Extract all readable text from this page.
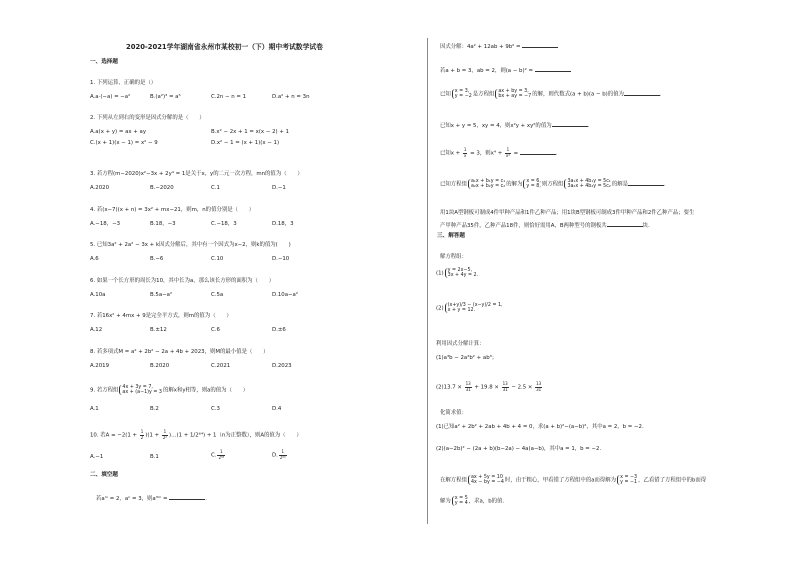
2020-2021学年湖南省永州市某校初一（下）期中考试数学试卷
一、选择题
1. 下列运算，正确的是（）
A.a·(−a) = −a²	B.(a²)³ = a⁵	C.2n − n = 1	D.a² + n = 3n
2. 下列从左到右的变形是因式分解的是（　　）
A.a(x + y) = ax + ay	B.x² − 2x + 1 = x(x − 2) + 1
C.(x + 1)(x − 1) = x² − 9	D.x² − 1 = (x + 1)(x − 1)
3. 若方程(m−2020)x²−3x + 2y⁴ = 1是关于x，y的二元一次方程，mn的值为（　　）
A.2020	B.−2020	C.1	D.−1
4. 若(x−7)(x + n) = 3x² + mx−21，则m，n的值分别是（　　）
A.−18，−3	B.18，−3	C.−18，3	D.18，3
5. 已知3a² + 2a² − 3x + k因式分解后，其中有一个因式为x−2，则k的值为(　　)
A.6	B.−6	C.10	D.−10
6. 如果一个长方形的周长为10，其中长为a，那么该长方形的面积为（　　）
A.10a	B.5a−a²	C.5a	D.10a−a²
7. 若16x² + 4mx + 9是完全平方式，则m的值为（　　）
A.12	B.±12	C.6	D.±6
8. 若多项式M = a² + 2b² − 2a + 4b + 2023，则M的最小值是（　　）
A.2019	B.2020	C.2021	D.2023
9. 若方程组 4x + 3y = 7,
ax + (a−1)y = 3 的解x和y相等，则a的值为（　　）
A.1	B.2	C.3	D.4
10. 若$A = -2(1 + \frac{1}{2} )(1 + \frac{1}{\text{2²}}$ )…(1 + 1/2⁶⁴) + 1（n为正整数），则A的值为（　　）
A.−1	B.1	C. $\frac{1}{\text{2⁶⁴}}$	D. $\frac{1}{\text{2⁶⁴}}$
二、填空题
若aᵐ = 2，aⁿ = 3，则a³ᵐ =	.
因式分解：4a² + 12ab + 9b² =
若a + b = 3，ab = 2，则(a − b)² =
已知 x = 3,
y = −2 是方程组 ax + by = 3,
bx + ay = −7 的解，则代数式(a + b)(a − b)的值为	.
已知x + y = 5，xy = 4，则x²y + xy²的值为	.
已知$x + \frac{1}{x} = 3$，则$x^4 + \frac{1}{\text{x⁴}}$ =	.
已知方程组 a₁x + b₁y = c₁
a₂x + b₂y = c₂ 的解为 x = 6,
y = 8, 则方程组 3a₁x + 4b₁y = 5c₁
3a₂x + 4b₂y = 5c₂ 的解是	.
用1块A型钢板可制成4件甲种产品和1件乙种产品；用1块B型钢板可制成3件甲种产品和2件乙种产品；要生
产甲种产品35件，乙种产品18件，则恰好需用A，B两种型号的钢板共	块.
三、解答题
解方程组：
(1) y = 2x−5,
3x + 4y = 2.
(2) (x+y)/3 − (x−y)/2 = 1,
x + y = 12.
利用因式分解计算：
(1)a³b − 2a²b² + ab³；
$(2)13.7 \times \frac{13}{31} + 19.8 \times \frac{13}{31} - 2.5 \times \frac{13}{31}$
化简求值：
(1)已知a² + 2b² + 2ab + 4b + 4 = 0，求(a + b)²−(a−b)²，其中a = 2，b = −2.
(2)(a−2b)² − (2a + b)(b−2a) − 4a(a−b)，其中a = 1，b = −2.
在解方程组 ax + 5y = 10
4x − by = −4 时，由于粗心，甲看错了方程组中的a而得解为 x = −3
y = −1 ，乙看错了方程组中的b而得
解为 x = 5
y = 4 ，求a，b的值.
